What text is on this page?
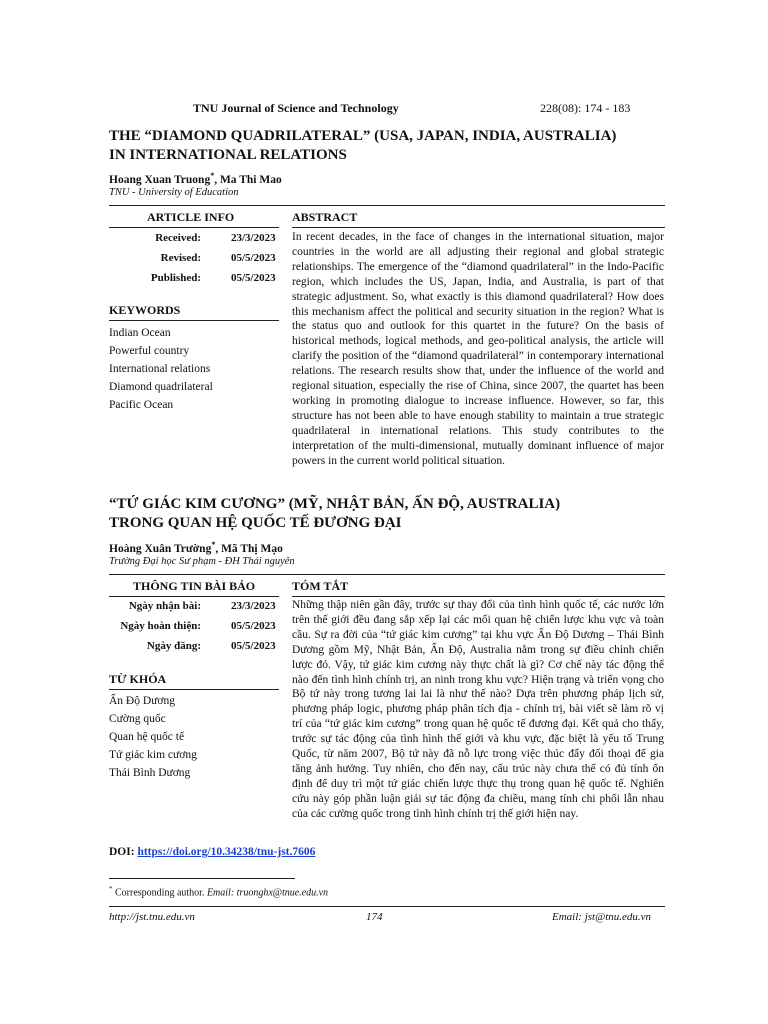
TNU Journal of Science and Technology	228(08): 174 - 183
THE “DIAMOND QUADRILATERAL” (USA, JAPAN, INDIA, AUSTRALIA)
IN INTERNATIONAL RELATIONS
Hoang Xuan Truong*, Ma Thi Mao
TNU - University of Education
ARTICLE INFO	ABSTRACT
Received:	23/3/2023
Revised:	05/5/2023
Published:	05/5/2023
KEYWORDS
Indian Ocean
Powerful country
International relations
Diamond quadrilateral
Pacific Ocean
In recent decades, in the face of changes in the international situation, major countries in the world are all adjusting their regional and global strategic relationships. The emergence of the “diamond quadrilateral” in the Indo-Pacific region, which includes the US, Japan, India, and Australia, is part of that strategic adjustment. So, what exactly is this diamond quadrilateral? How does this mechanism affect the political and security situation in the region? What is the status quo and outlook for this quartet in the future? On the basis of historical methods, logical methods, and geo-political analysis, the article will clarify the position of the “diamond quadrilateral” in contemporary international relations. The research results show that, under the influence of the world and regional situation, especially the rise of China, since 2007, the quartet has been working in promoting dialogue to increase influence. However, so far, this structure has not been able to have enough stability to maintain a true strategic quadrilateral in international relations. This study contributes to the interpretation of the multi-dimensional, mutually dominant influence of major powers in the current world political situation.
“TỨ GIÁC KIM CƯƠNG” (MỸ, NHẬT BẢN, ẤN ĐỘ, AUSTRALIA)
TRONG QUAN HỆ QUỐC TẾ ĐƯƠNG ĐẠI
Hoàng Xuân Trường*, Mã Thị Mạo
Trường Đại học Sư phạm - ĐH Thái nguyên
THÔNG TIN BÀI BÁO	TÓM TẮT
Ngày nhận bài:	23/3/2023
Ngày hoàn thiện:	05/5/2023
Ngày đăng:	05/5/2023
TỪ KHÓA
Ấn Độ Dương
Cường quốc
Quan hệ quốc tế
Tứ giác kim cương
Thái Bình Dương
Những thập niên gần đây, trước sự thay đổi của tình hình quốc tế, các nước lớn trên thế giới đều đang sắp xếp lại các mối quan hệ chiến lược khu vực và toàn cầu. Sự ra đời của “tứ giác kim cương” tại khu vực Ấn Độ Dương – Thái Bình Dương gồm Mỹ, Nhật Bản, Ấn Độ, Australia nằm trong sự điều chỉnh chiến lược đó. Vậy, tứ giác kim cương này thực chất là gì? Cơ chế này tác động thế nào đến tình hình chính trị, an ninh trong khu vực? Hiện trạng và triển vọng cho Bộ tứ này trong tương lai lai là như thế nào? Dựa trên phương pháp lịch sử, phương pháp logic, phương pháp phân tích địa - chính trị, bài viết sẽ làm rõ vị trí của “tứ giác kim cương” trong quan hệ quốc tế đương đại. Kết quả cho thấy, trước sự tác động của tình hình thế giới và khu vực, đặc biệt là yếu tố Trung Quốc, từ năm 2007, Bộ tứ này đã nỗ lực trong việc thúc đẩy đối thoại để gia tăng ảnh hưởng. Tuy nhiên, cho đến nay, cấu trúc này chưa thể có đủ tính ổn định để duy trì một tứ giác chiến lược thực thụ trong quan hệ quốc tế. Nghiên cứu này góp phần luận giải sự tác động đa chiều, mang tính chi phối lẫn nhau của các cường quốc trong tình hình chính trị thế giới hiện nay.
DOI: https://doi.org/10.34238/tnu-jst.7606
* Corresponding author. Email: truonghx@tnue.edu.vn
http://jst.tnu.edu.vn	174	Email: jst@tnu.edu.vn
